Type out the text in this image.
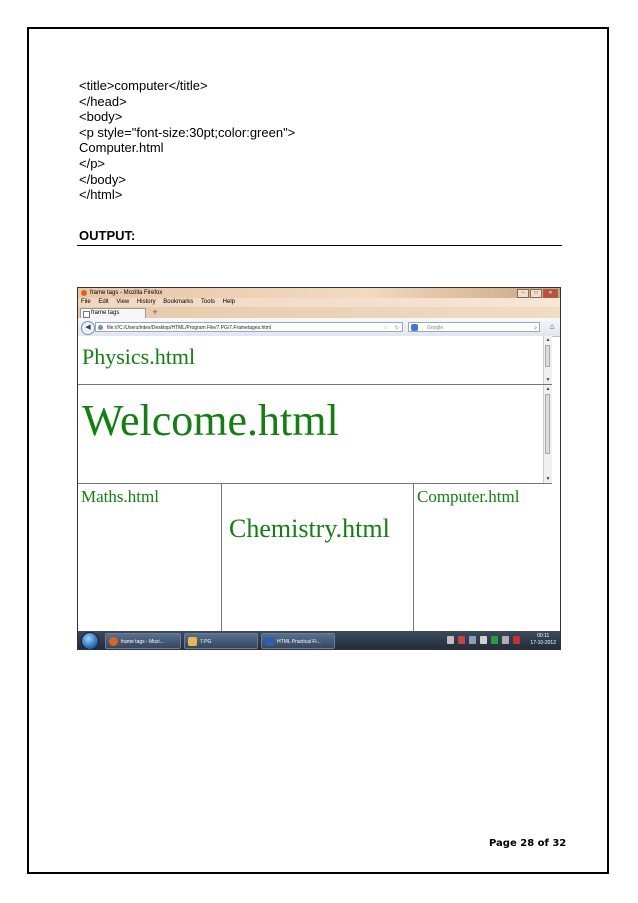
<title>computer</title>
</head>
<body>
<p style="font-size:30pt;color:green">
Computer.html
</p>
</body>
</html>
OUTPUT:
frame tags - Mozilla Firefox	–	□	✕
File Edit View History Bookmarks Tools Help
frame tags	+
◀	file:///C:/Users/intex/Desktop/HTML/Program File/7.PG/7.Frametages.html	☆ ↻	Google	⌕	⌂
Physics.html
▲
▼
Welcome.html
▲
▼
Maths.html
Chemistry.html
Computer.html
frame tags - Mozi...	7.PG	HTML Practical Fi...
00:11
17-10-2012
Page 28 of 32
